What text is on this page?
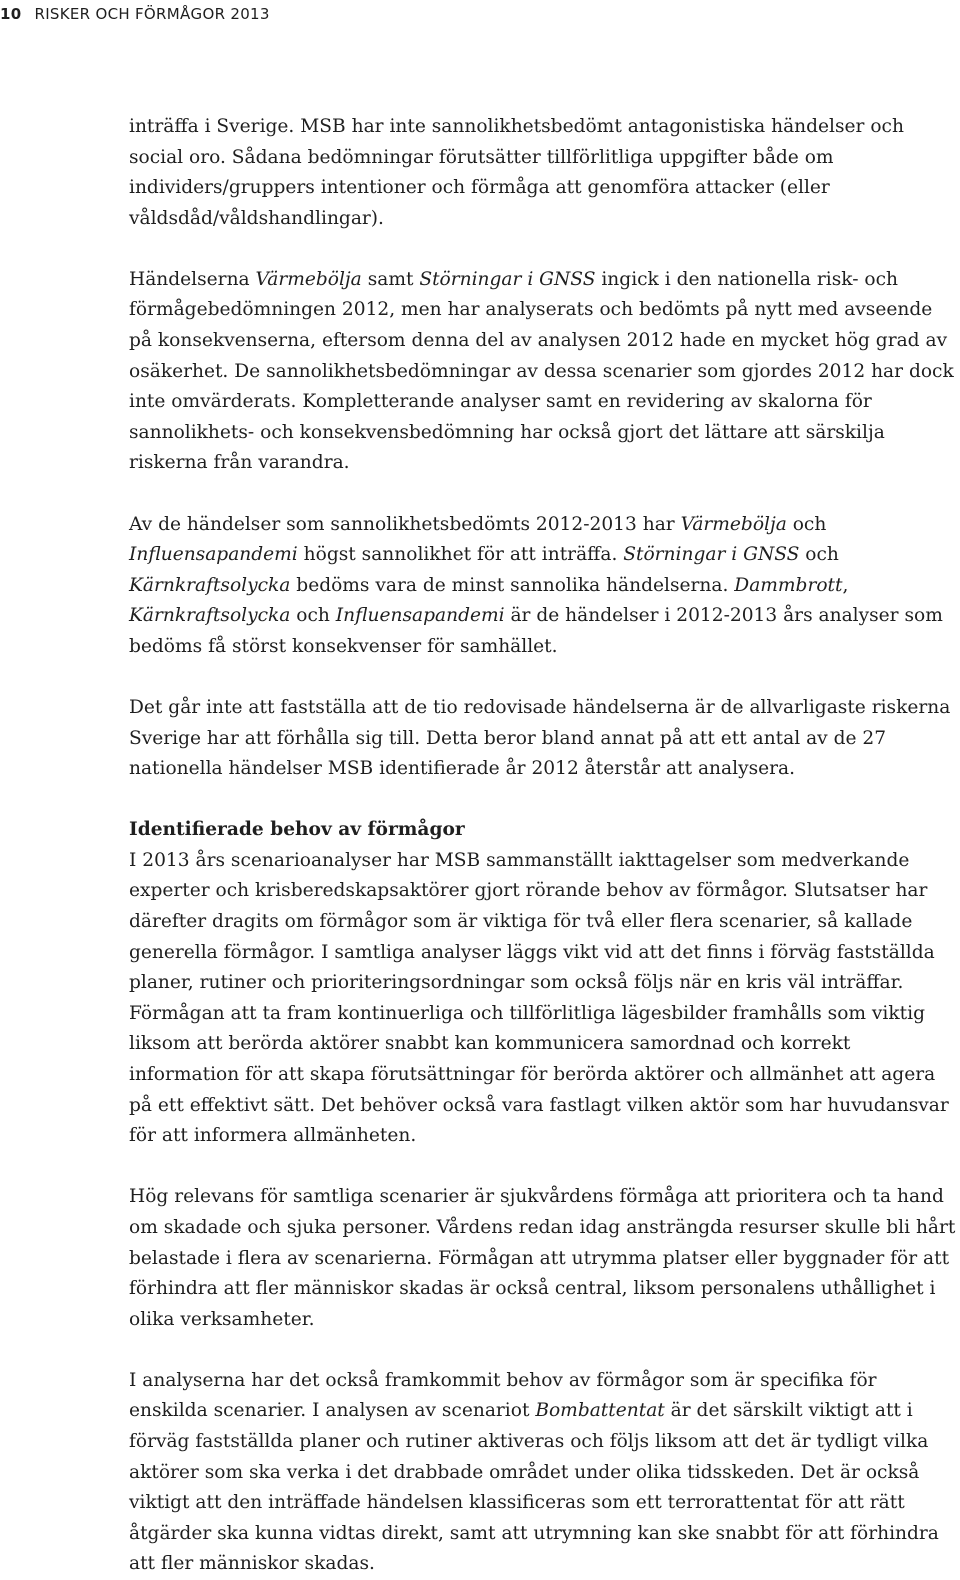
10 RISKER OCH FÖRMÅGOR 2013

inträffa i Sverige. MSB har inte sannolikhetsbedömt antagonistiska händelser och social oro. Sådana bedömningar förutsätter tillförlitliga uppgifter både om individers/gruppers intentioner och förmåga att genomföra attacker (eller våldsdåd/våldshandlingar).

Händelserna Värmebölja samt Störningar i GNSS ingick i den nationella risk- och förmågebedömningen 2012, men har analyserats och bedömts på nytt med avseende på konsekvenserna, eftersom denna del av analysen 2012 hade en mycket hög grad av osäkerhet. De sannolikhetsbedömningar av dessa scenarier som gjordes 2012 har dock inte omvärderats. Kompletterande analyser samt en revidering av skalorna för sannolikhets- och konsekvensbedömning har också gjort det lättare att särskilja riskerna från varandra.

Av de händelser som sannolikhetsbedömts 2012-2013 har Värmebölja och Influensapandemi högst sannolikhet för att inträffa. Störningar i GNSS och Kärnkraftsolycka bedöms vara de minst sannolika händelserna. Dammbrott, Kärnkraftsolycka och Influensapandemi är de händelser i 2012-2013 års analyser som bedöms få störst konsekvenser för samhället.

Det går inte att fastställa att de tio redovisade händelserna är de allvarligaste riskerna Sverige har att förhålla sig till. Detta beror bland annat på att ett antal av de 27 nationella händelser MSB identifierade år 2012 återstår att analysera.

Identifierade behov av förmågor

I 2013 års scenarioanalyser har MSB sammanställt iakttagelser som medverkande experter och krisberedskapsaktörer gjort rörande behov av förmågor. Slutsatser har därefter dragits om förmågor som är viktiga för två eller flera scenarier, så kallade generella förmågor. I samtliga analyser läggs vikt vid att det finns i förväg fastställda planer, rutiner och prioriteringsordningar som också följs när en kris väl inträffar. Förmågan att ta fram kontinuerliga och tillförlitliga lägesbilder framhålls som viktig liksom att berörda aktörer snabbt kan kommunicera samordnad och korrekt information för att skapa förutsättningar för berörda aktörer och allmänhet att agera på ett effektivt sätt. Det behöver också vara fastlagt vilken aktör som har huvudansvar för att informera allmänheten.

Hög relevans för samtliga scenarier är sjukvårdens förmåga att prioritera och ta hand om skadade och sjuka personer. Vårdens redan idag ansträngda resurser skulle bli hårt belastade i flera av scenarierna. Förmågan att utrymma platser eller byggnader för att förhindra att fler människor skadas är också central, liksom personalens uthållighet i olika verksamheter.

I analyserna har det också framkommit behov av förmågor som är specifika för enskilda scenarier. I analysen av scenariot Bombattentat är det särskilt viktigt att i förväg fastställda planer och rutiner aktiveras och följs liksom att det är tydligt vilka aktörer som ska verka i det drabbade området under olika tidsskeden. Det är också viktigt att den inträffade händelsen klassificeras som ett terrorattentat för att rätt åtgärder ska kunna vidtas direkt, samt att utrymning kan ske snabbt för att förhindra att fler människor skadas.
